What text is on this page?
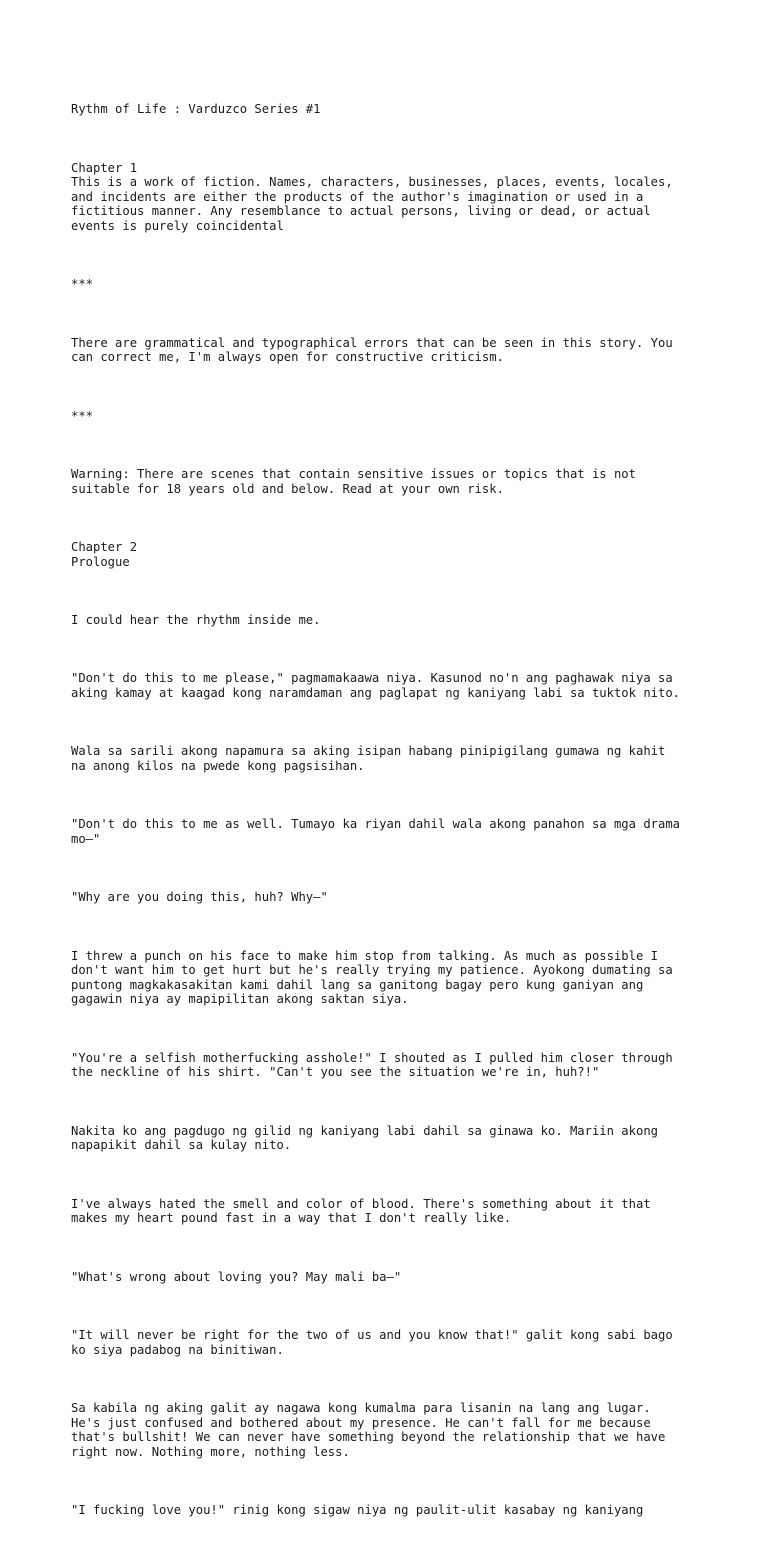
Rythm of Life : Varduzco Series #1

Chapter 1
This is a work of fiction. Names, characters, businesses, places, events, locales,
and incidents are either the products of the author's imagination or used in a
fictitious manner. Any resemblance to actual persons, living or dead, or actual
events is purely coincidental

***

There are grammatical and typographical errors that can be seen in this story. You
can correct me, I'm always open for constructive criticism.

***

Warning: There are scenes that contain sensitive issues or topics that is not
suitable for 18 years old and below. Read at your own risk.

Chapter 2
Prologue

I could hear the rhythm inside me.

"Don't do this to me please," pagmamakaawa niya. Kasunod no'n ang paghawak niya sa
aking kamay at kaagad kong naramdaman ang paglapat ng kaniyang labi sa tuktok nito.

Wala sa sarili akong napamura sa aking isipan habang pinipigilang gumawa ng kahit
na anong kilos na pwede kong pagsisihan.

"Don't do this to me as well. Tumayo ka riyan dahil wala akong panahon sa mga drama
mo—"

"Why are you doing this, huh? Why—"

I threw a punch on his face to make him stop from talking. As much as possible I
don't want him to get hurt but he's really trying my patience. Ayokong dumating sa
puntong magkakasakitan kami dahil lang sa ganitong bagay pero kung ganiyan ang
gagawin niya ay mapipilitan akong saktan siya.

"You're a selfish motherfucking asshole!" I shouted as I pulled him closer through
the neckline of his shirt. "Can't you see the situation we're in, huh?!"

Nakita ko ang pagdugo ng gilid ng kaniyang labi dahil sa ginawa ko. Mariin akong
napapikit dahil sa kulay nito.

I've always hated the smell and color of blood. There's something about it that
makes my heart pound fast in a way that I don't really like.

"What's wrong about loving you? May mali ba—"

"It will never be right for the two of us and you know that!" galit kong sabi bago
ko siya padabog na binitiwan.

Sa kabila ng aking galit ay nagawa kong kumalma para lisanin na lang ang lugar.
He's just confused and bothered about my presence. He can't fall for me because
that's bullshit! We can never have something beyond the relationship that we have
right now. Nothing more, nothing less.

"I fucking love you!" rinig kong sigaw niya ng paulit-ulit kasabay ng kaniyang
